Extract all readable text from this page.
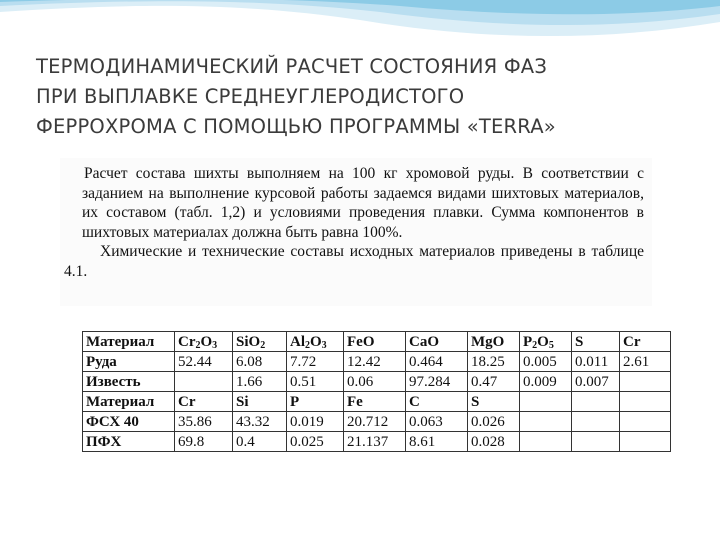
ТЕРМОДИНАМИЧЕСКИЙ РАСЧЕТ СОСТОЯНИЯ ФАЗ
ПРИ ВЫПЛАВКЕ СРЕДНЕУГЛЕРОДИСТОГО
ФЕРРОХРОМА С ПОМОЩЬЮ ПРОГРАММЫ «TERRA»

Расчет состава шихты выполняем на 100 кг хромовой руды. В соответствии с заданием на выполнение курсовой работы задаемся видами шихтовых материалов, их составом (табл. 1,2) и условиями проведения плавки. Сумма компонентов в шихтовых материалах должна быть равна 100%.

Химические и технические составы исходных материалов приведены в таблице 4.1.

Материал	$Cr_2O_3$	SiO$_2$	$Al_2O_3$	FeO	CaO	MgO	$P_2O_5$	S	Cr
Руда	52.44	6.08	7.72	12.42	0.464	18.25	0.005	0.011	2.61
Известь		1.66	0.51	0.06	97.284	0.47	0.009	0.007	
Материал	Cr	Si	P	Fe	C	S			
ФСХ 40	35.86	43.32	0.019	20.712	0.063	0.026			
ПФХ	69.8	0.4	0.025	21.137	8.61	0.028			
